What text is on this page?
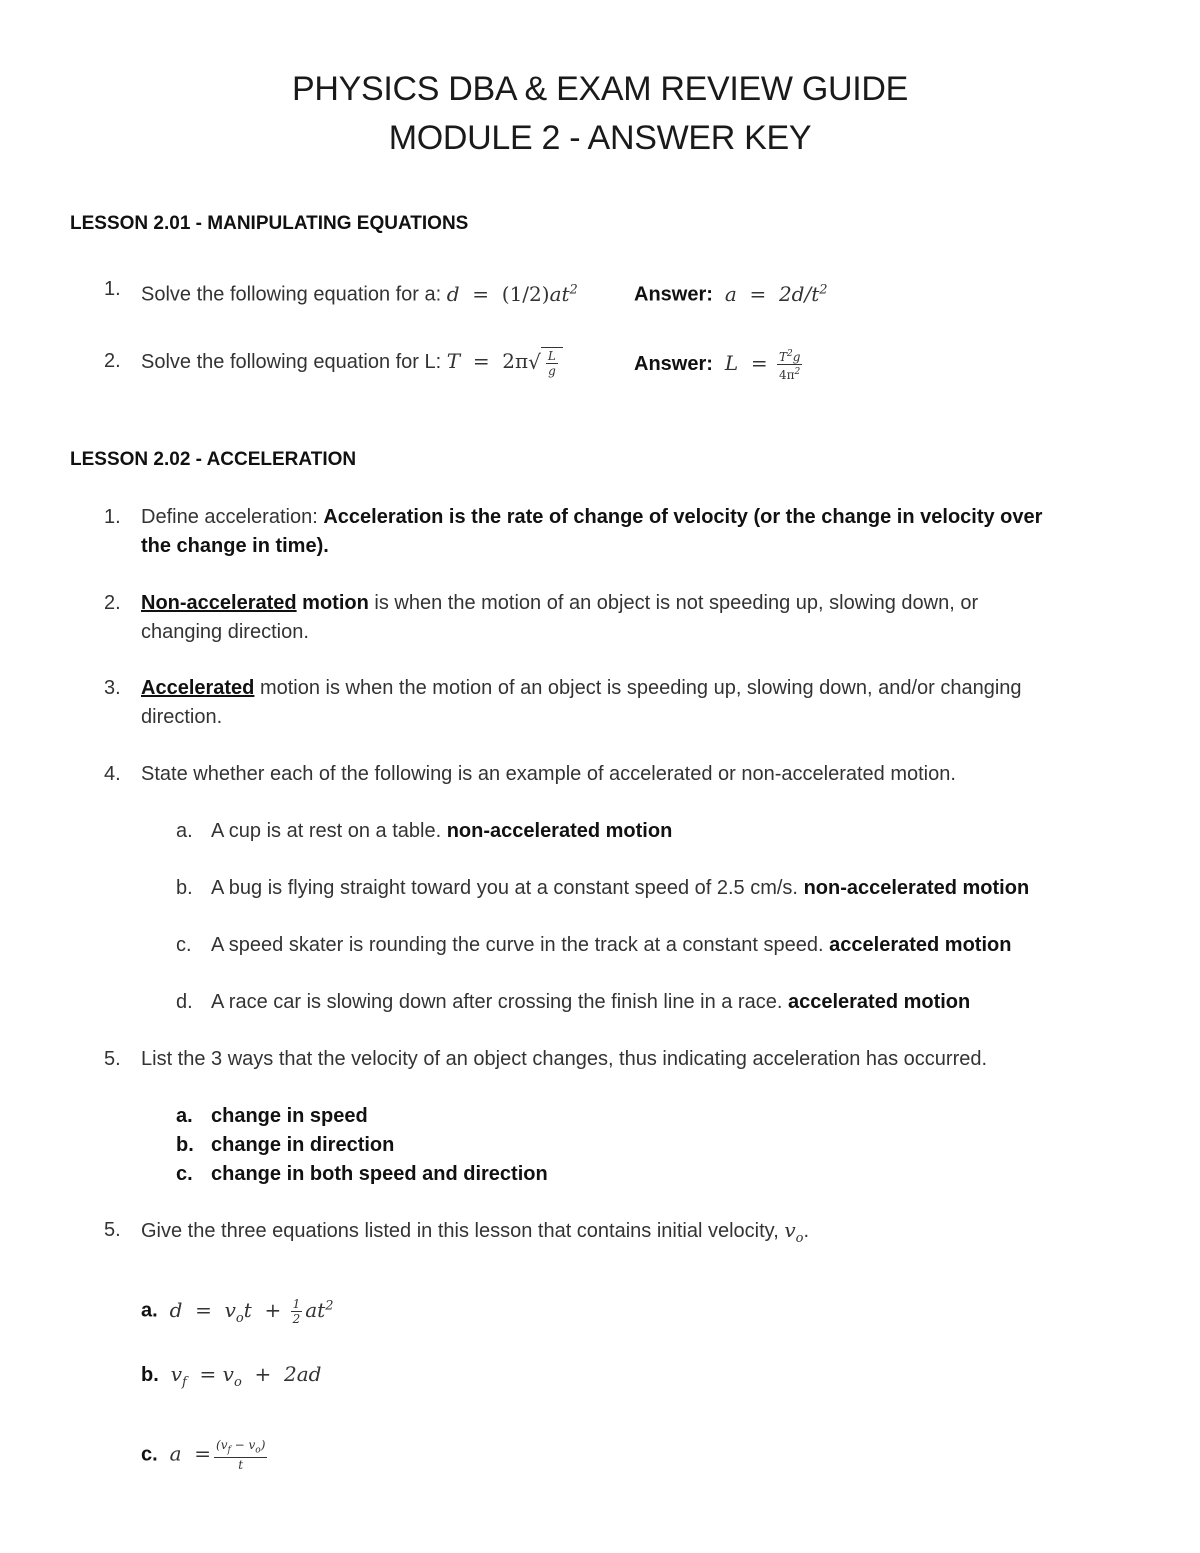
PHYSICS DBA & EXAM REVIEW GUIDE
MODULE 2 - ANSWER KEY
LESSON 2.01 - MANIPULATING EQUATIONS
1. Solve the following equation for a: $d = (1/2)at^2$	Answer:  $a = 2d/t^2$
2. Solve the following equation for L: $T = 2\pi√ \frac{L}{g}$	Answer:  $L = \frac{T^2g}{4\pi^2}$
LESSON 2.02 - ACCELERATION
1. Define acceleration: Acceleration is the rate of change of velocity (or the change in velocity over
the change in time).
2. Non-accelerated motion is when the motion of an object is not speeding up, slowing down, or
changing direction.
3. Accelerated motion is when the motion of an object is speeding up, slowing down, and/or changing
direction.
4. State whether each of the following is an example of accelerated or non-accelerated motion.
a. A cup is at rest on a table. non-accelerated motion
b. A bug is flying straight toward you at a constant speed of 2.5 cm/s. non-accelerated motion
c. A speed skater is rounding the curve in the track at a constant speed. accelerated motion
d. A race car is slowing down after crossing the finish line in a race. accelerated motion
5. List the 3 ways that the velocity of an object changes, thus indicating acceleration has occurred.
a. change in speed
b. change in direction
c. change in both speed and direction
5. Give the three equations listed in this lesson that contains initial velocity, $v_o$.
a.  $d = v_ot + \frac{1}{2} at^2$
b.  $v_f = v_o + 2ad$
c.  $a = \frac{(v_f - v_o)}{t}$
